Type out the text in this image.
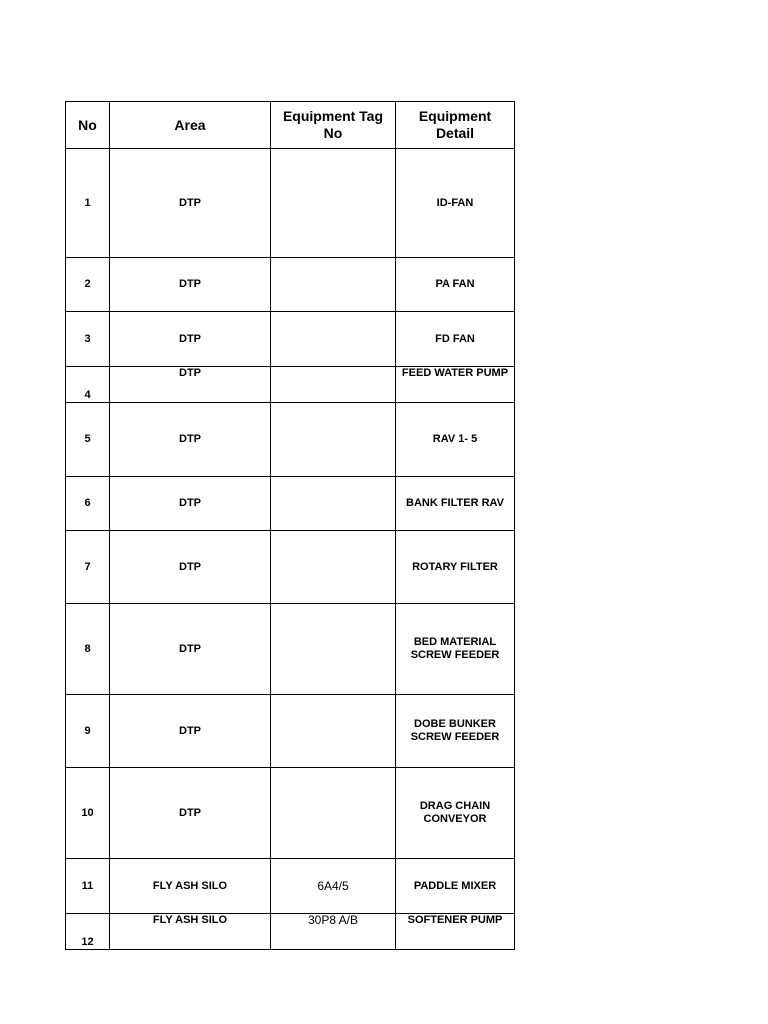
No	Area	Equipment Tag No	Equipment Detail
1	DTP		ID-FAN
2	DTP		PA FAN
3	DTP		FD FAN
4	DTP		FEED WATER PUMP
5	DTP		RAV 1- 5
6	DTP		BANK FILTER RAV
7	DTP		ROTARY FILTER
8	DTP		BED MATERIAL SCREW FEEDER
9	DTP		DOBE BUNKER SCREW FEEDER
10	DTP		DRAG CHAIN CONVEYOR
11	FLY ASH SILO	6A4/5	PADDLE MIXER
12	FLY ASH SILO	30P8 A/B	SOFTENER PUMP
